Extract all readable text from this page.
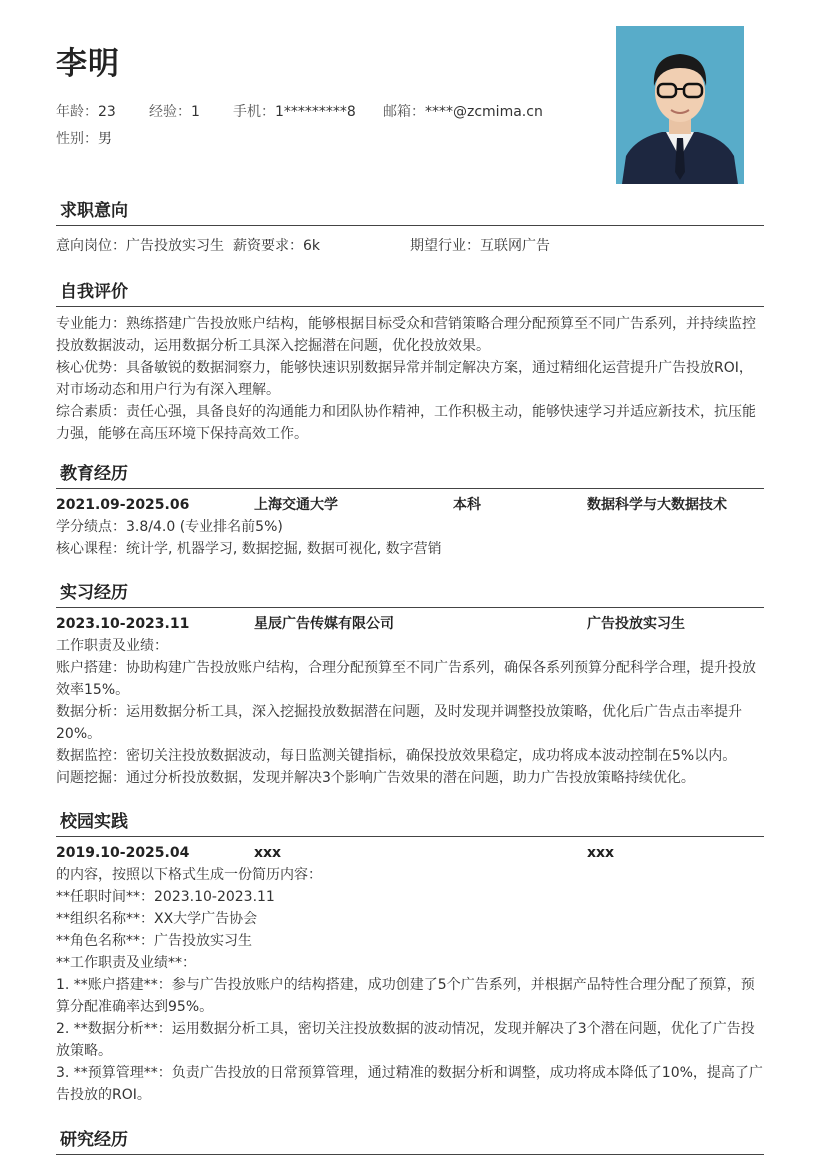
李明
年龄：23 经验：1 手机：1*********8 邮箱：****@zcmima.cn
性别：男
求职意向
意向岗位：广告投放实习生 薪资要求：6k	期望行业：互联网广告
自我评价

专业能力：熟练搭建广告投放账户结构，能够根据目标受众和营销策略合理分配预算至不同广告系列，并持续监控投放数据波动，运用数据分析工具深入挖掘潜在问题，优化投放效果。

核心优势：具备敏锐的数据洞察力，能够快速识别数据异常并制定解决方案，通过精细化运营提升广告投放ROI，对市场动态和用户行为有深入理解。

综合素质：责任心强，具备良好的沟通能力和团队协作精神，工作积极主动，能够快速学习并适应新技术，抗压能力强，能够在高压环境下保持高效工作。

教育经历
2021.09-2025.06	上海交通大学	本科	数据科学与大数据技术
学分绩点：3.8/4.0 (专业排名前5%)
核心课程：统计学, 机器学习, 数据挖掘, 数据可视化, 数字营销
实习经历
2023.10-2023.11	星辰广告传媒有限公司	广告投放实习生
工作职责及业绩：

账户搭建：协助构建广告投放账户结构，合理分配预算至不同广告系列，确保各系列预算分配科学合理，提升投放效率15%。

数据分析：运用数据分析工具，深入挖掘投放数据潜在问题，及时发现并调整投放策略，优化后广告点击率提升20%。

数据监控：密切关注投放数据波动，每日监测关键指标，确保投放效果稳定，成功将成本波动控制在5%以内。

问题挖掘：通过分析投放数据，发现并解决3个影响广告效果的潜在问题，助力广告投放策略持续优化。

校园实践
2019.10-2025.04	xxx	xxx

的内容，按照以下格式生成一份简历内容：

**任职时间**：2023.10-2023.11

**组织名称**：XX大学广告协会

**角色名称**：广告投放实习生

**工作职责及业绩**：

1. **账户搭建**：参与广告投放账户的结构搭建，成功创建了5个广告系列，并根据产品特性合理分配了预算，预算分配准确率达到95%。

2. **数据分析**：运用数据分析工具，密切关注投放数据的波动情况，发现并解决了3个潜在问题，优化了广告投放策略。

3. **预算管理**：负责广告投放的日常预算管理，通过精准的数据分析和调整，成功将成本降低了10%，提高了广告投放的ROI。

研究经历
